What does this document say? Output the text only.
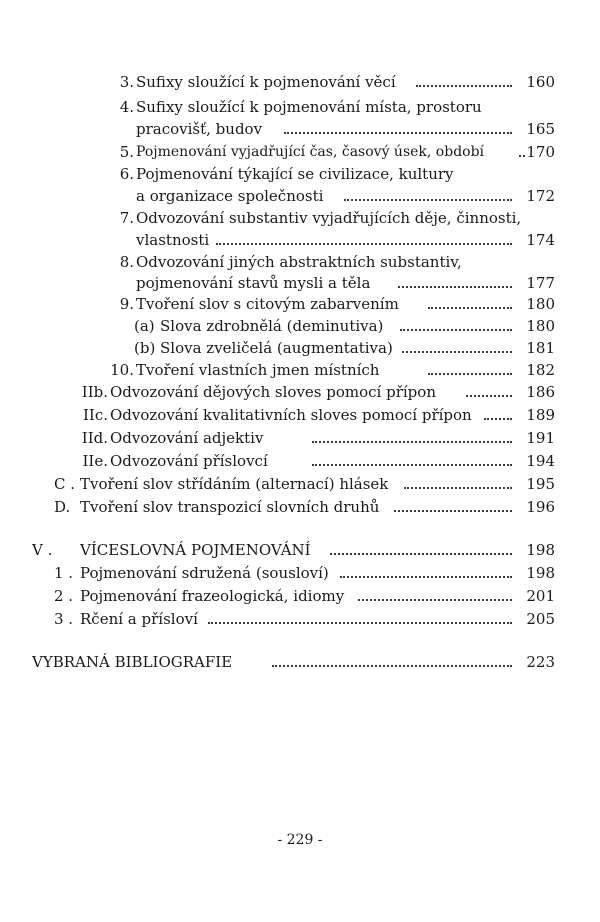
3. Sufixy sloužící k pojmenování věcí	160
4. Sufixy sloužící k pojmenování místa, prostoru
pracovišť, budov	165
5. Pojmenování vyjadřující čas, časový úsek, období	170
6. Pojmenování týkající se civilizace, kultury
a organizace společnosti	172
7. Odvozování substantiv vyjadřujících děje, činnosti,
vlastnosti	174
8. Odvozování jiných abstraktních substantiv,
pojmenování stavů mysli a těla	177
9. Tvoření slov s citovým zabarvením	180
(a) Slova zdrobnělá (deminutiva)	180
(b) Slova zveličelá (augmentativa)	181
10. Tvoření vlastních jmen místních	182
IIb. Odvozování dějových sloves pomocí přípon	186
IIc. Odvozování kvalitativních sloves pomocí přípon	189
IId. Odvozování adjektiv	191
IIe. Odvozování příslovcí	194
C . Tvoření slov střídáním (alternací) hlásek	195
D. Tvoření slov transpozicí slovních druhů	196
V . VÍCESLOVNÁ POJMENOVÁNÍ	198
1 . Pojmenování sdružená (sousloví)	198
2 . Pojmenování frazeologická, idiomy	201
3 . Rčení a přísloví	205
VYBRANÁ BIBLIOGRAFIE	223
- 229 -
